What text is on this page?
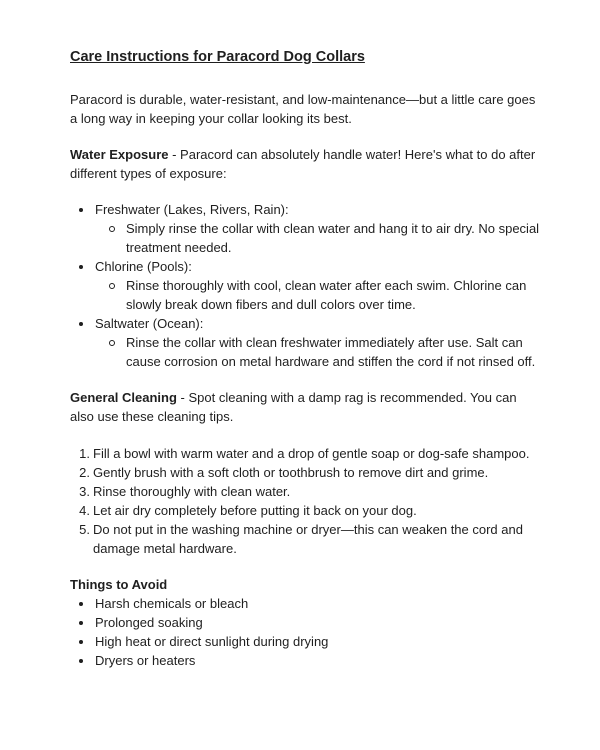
Care Instructions for Paracord Dog Collars

Paracord is durable, water-resistant, and low-maintenance—but a little care goes a long way in keeping your collar looking its best.

Water Exposure - Paracord can absolutely handle water! Here's what to do after different types of exposure:

Freshwater (Lakes, Rivers, Rain):
Simply rinse the collar with clean water and hang it to air dry. No special treatment needed.
Chlorine (Pools):
Rinse thoroughly with cool, clean water after each swim. Chlorine can slowly break down fibers and dull colors over time.
Saltwater (Ocean):
Rinse the collar with clean freshwater immediately after use. Salt can cause corrosion on metal hardware and stiffen the cord if not rinsed off.

General Cleaning - Spot cleaning with a damp rag is recommended. You can also use these cleaning tips.

Fill a bowl with warm water and a drop of gentle soap or dog-safe shampoo.
Gently brush with a soft cloth or toothbrush to remove dirt and grime.
Rinse thoroughly with clean water.
Let air dry completely before putting it back on your dog.
Do not put in the washing machine or dryer—this can weaken the cord and damage metal hardware.

Things to Avoid

Harsh chemicals or bleach
Prolonged soaking
High heat or direct sunlight during drying
Dryers or heaters
